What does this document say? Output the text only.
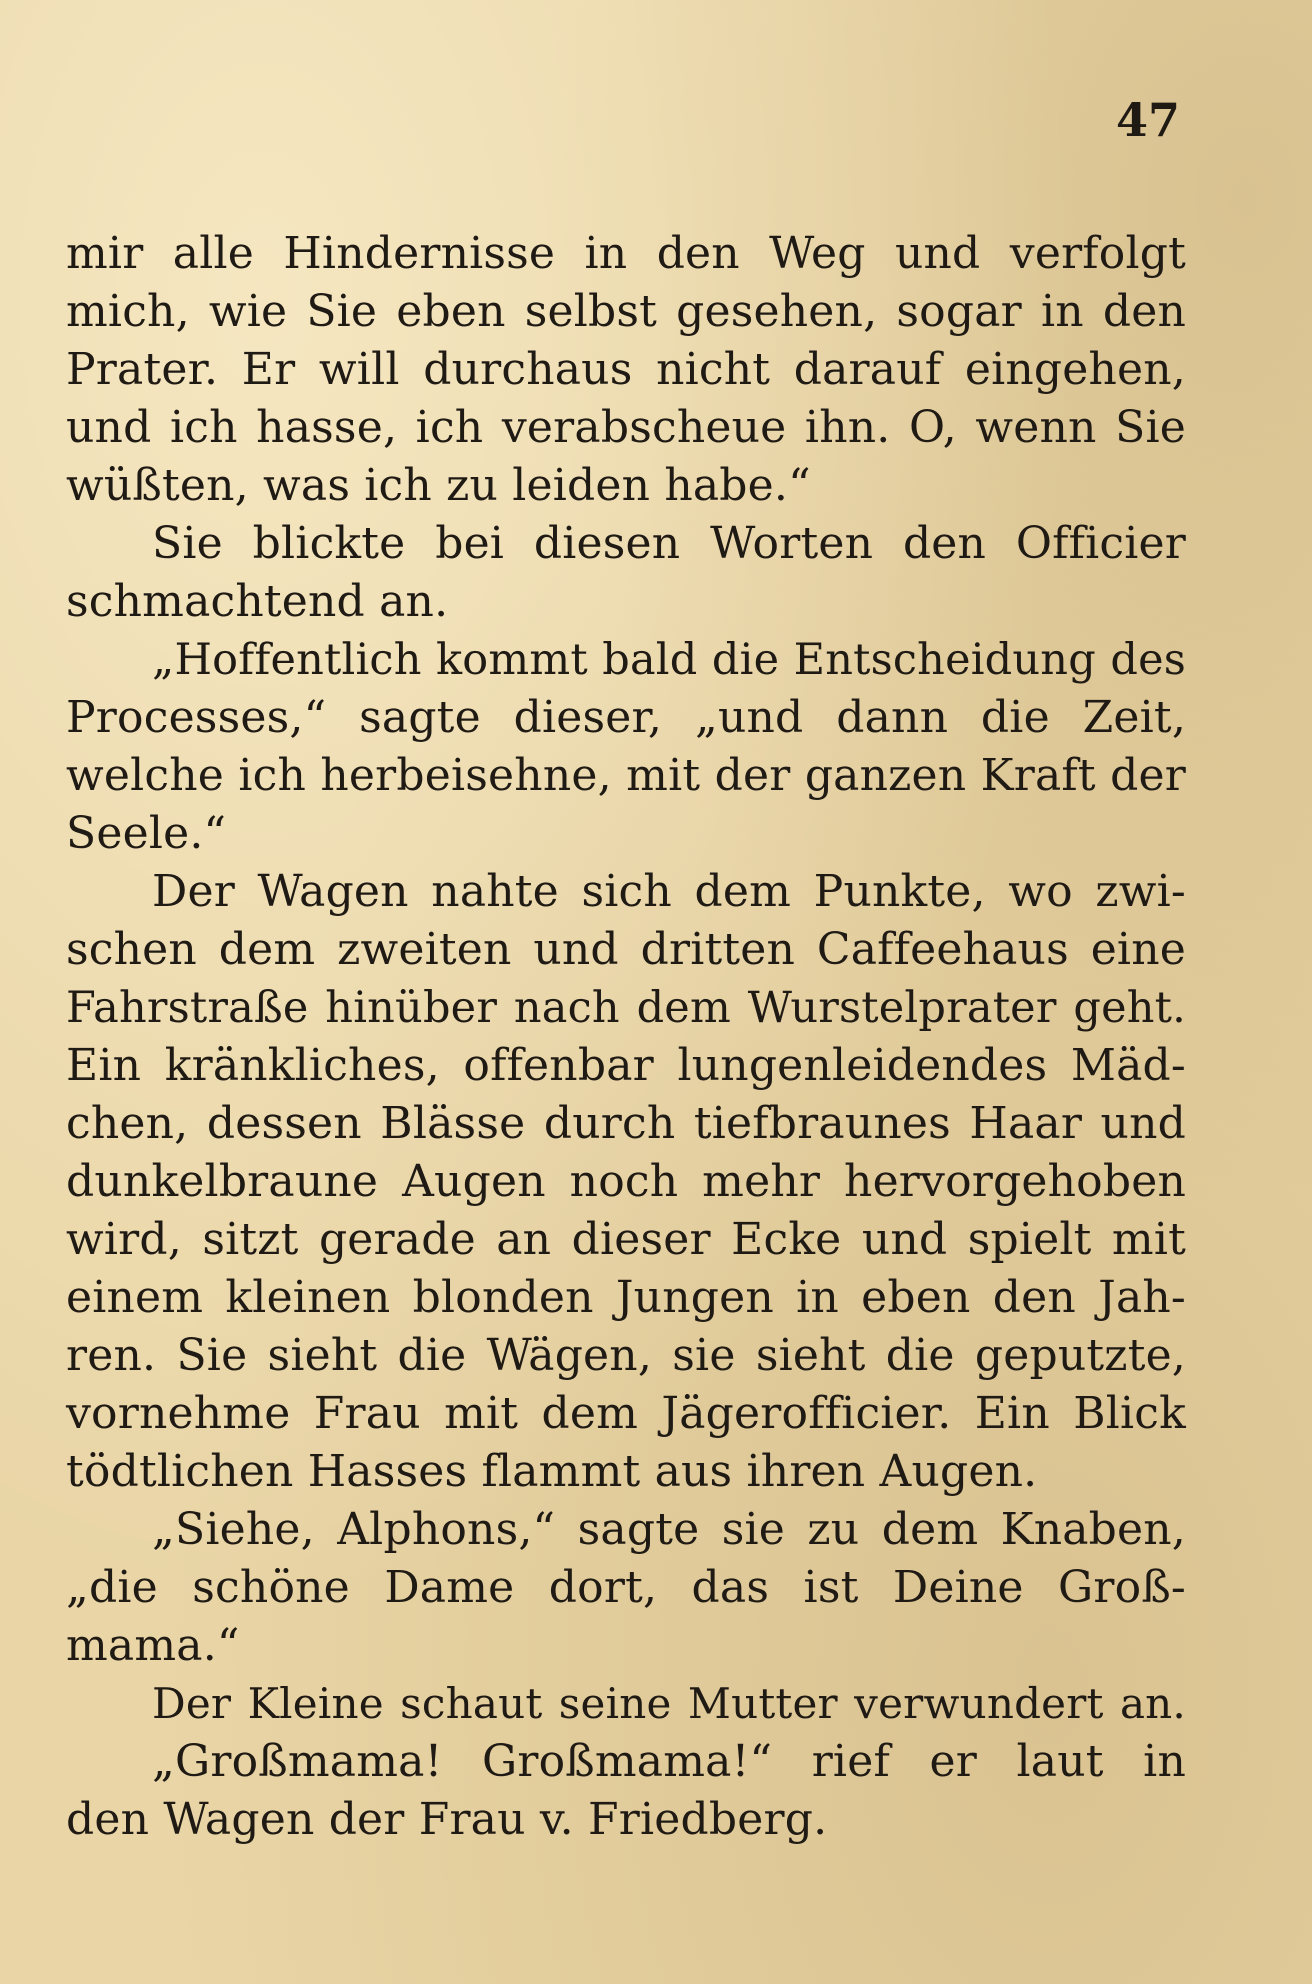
47
mir alle Hindernisse in den Weg und verfolgt
mich, wie Sie eben selbst gesehen, sogar in den
Prater. Er will durchaus nicht darauf eingehen,
und ich hasse, ich verabscheue ihn. O, wenn Sie
wüßten, was ich zu leiden habe.“
Sie blickte bei diesen Worten den Officier
schmachtend an.
„Hoffentlich kommt bald die Entscheidung des
Processes,“ sagte dieser, „und dann die Zeit,
welche ich herbeisehne, mit der ganzen Kraft der
Seele.“
Der Wagen nahte sich dem Punkte, wo zwi-
schen dem zweiten und dritten Caffeehaus eine
Fahrstraße hinüber nach dem Wurstelprater geht.
Ein kränkliches, offenbar lungenleidendes Mäd-
chen, dessen Blässe durch tiefbraunes Haar und
dunkelbraune Augen noch mehr hervorgehoben
wird, sitzt gerade an dieser Ecke und spielt mit
einem kleinen blonden Jungen in eben den Jah-
ren. Sie sieht die Wägen, sie sieht die geputzte,
vornehme Frau mit dem Jägerofficier. Ein Blick
tödtlichen Hasses flammt aus ihren Augen.
„Siehe, Alphons,“ sagte sie zu dem Knaben,
„die schöne Dame dort, das ist Deine Groß-
mama.“
Der Kleine schaut seine Mutter verwundert an.
„Großmama! Großmama!“ rief er laut in
den Wagen der Frau v. Friedberg.
